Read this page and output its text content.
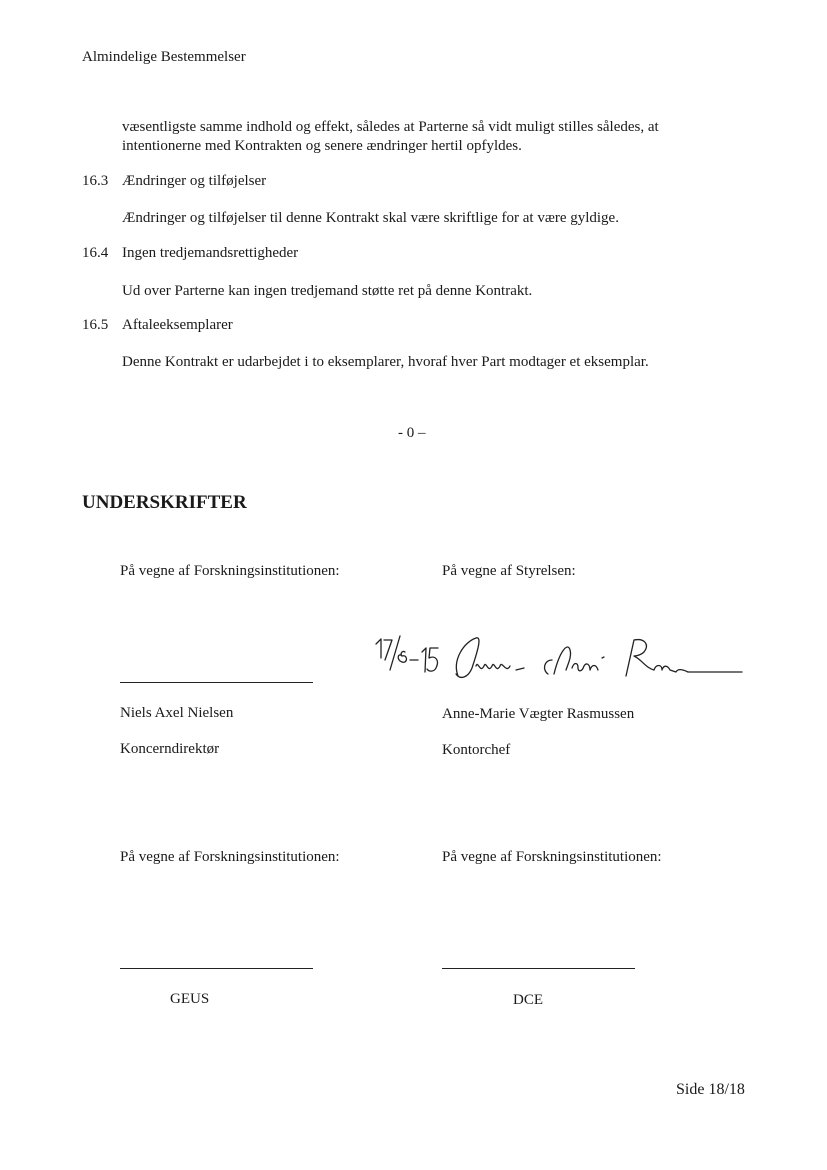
Almindelige Bestemmelser
væsentligste samme indhold og effekt, således at Parterne så vidt muligt stilles således, at
intentionerne med Kontrakten og senere ændringer hertil opfyldes.
16.3 Ændringer og tilføjelser
Ændringer og tilføjelser til denne Kontrakt skal være skriftlige for at være gyldige.
16.4 Ingen tredjemandsrettigheder
Ud over Parterne kan ingen tredjemand støtte ret på denne Kontrakt.
16.5 Aftaleeksemplarer
Denne Kontrakt er udarbejdet i to eksemplarer, hvoraf hver Part modtager et eksemplar.
- 0 –
UNDERSKRIFTER
På vegne af Forskningsinstitutionen:
Niels Axel Nielsen
Koncerndirektør
På vegne af Styrelsen:
Anne-Marie Vægter Rasmussen
Kontorchef
På vegne af Forskningsinstitutionen:
GEUS
På vegne af Forskningsinstitutionen:
DCE
Side 18/18
